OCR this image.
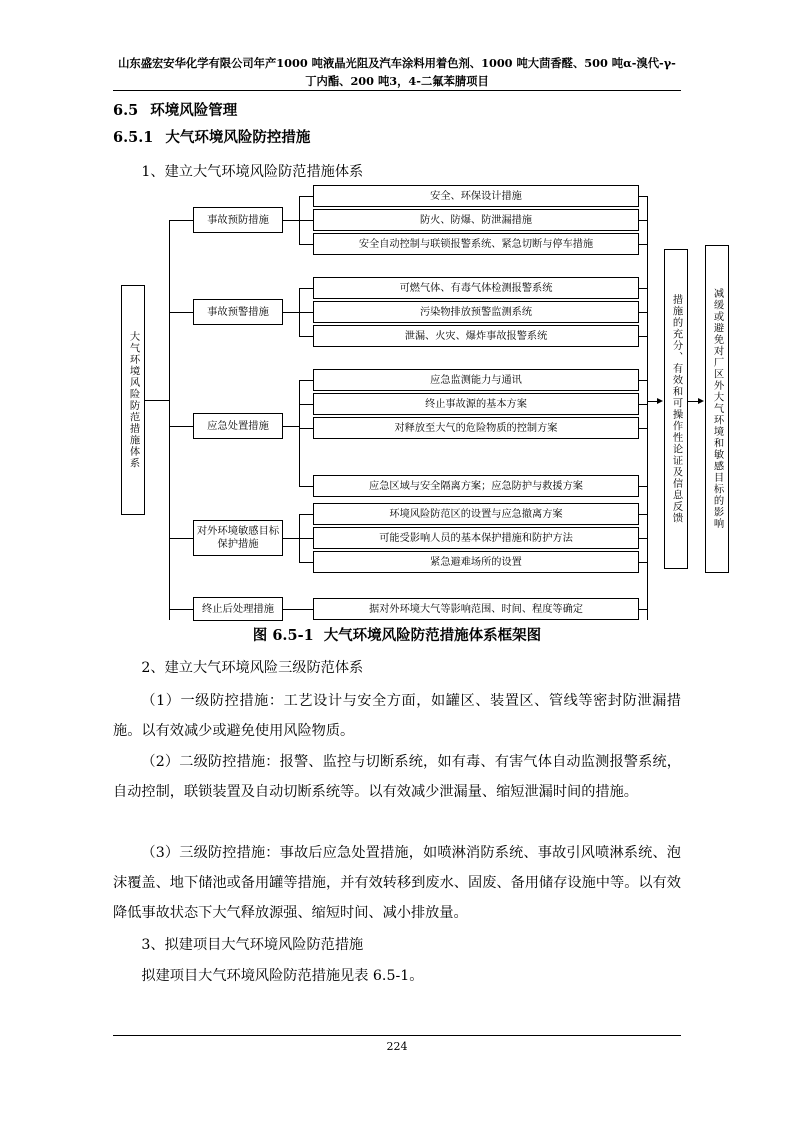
山东盛宏安华化学有限公司年产1000 吨液晶光阻及汽车涂料用着色剂、1000 吨大茴香醛、500 吨α-溴代-γ-
丁内酯、200 吨3，4-二氟苯腈项目
6.5 环境风险管理
6.5.1 大气环境风险防控措施
1、建立大气环境风险防范措施体系
大气环境风险防范措施体系
事故预防措施
安全、环保设计措施
防火、防爆、防泄漏措施
安全自动控制与联锁报警系统、紧急切断与停车措施
事故预警措施
可燃气体、有毒气体检测报警系统
污染物排放预警监测系统
泄漏、火灾、爆炸事故报警系统
应急处置措施
应急监测能力与通讯
终止事故源的基本方案
对释放至大气的危险物质的控制方案
应急区域与安全隔离方案；应急防护与救援方案
对外环境敏感目标保护措施
环境风险防范区的设置与应急撤离方案
可能受影响人员的基本保护措施和防护方法
紧急避难场所的设置
终止后处理措施	据对外环境大气等影响范围、时间、程度等确定
措施的充分、有效和可操作性论证及信息反馈	减缓或避免对厂区外大气环境和敏感目标的影响
图 6.5-1 大气环境风险防范措施体系框架图
2、建立大气环境风险三级防范体系
（1）一级防控措施：工艺设计与安全方面，如罐区、装置区、管线等密封防泄漏措施。以有效减少或避免使用风险物质。
（2）二级防控措施：报警、监控与切断系统，如有毒、有害气体自动监测报警系统，自动控制，联锁装置及自动切断系统等。以有效减少泄漏量、缩短泄漏时间的措施。
（3）三级防控措施：事故后应急处置措施，如喷淋消防系统、事故引风喷淋系统、泡沫覆盖、地下储池或备用罐等措施，并有效转移到废水、固废、备用储存设施中等。以有效降低事故状态下大气释放源强、缩短时间、减小排放量。
3、拟建项目大气环境风险防范措施
拟建项目大气环境风险防范措施见表 6.5-1。
224
